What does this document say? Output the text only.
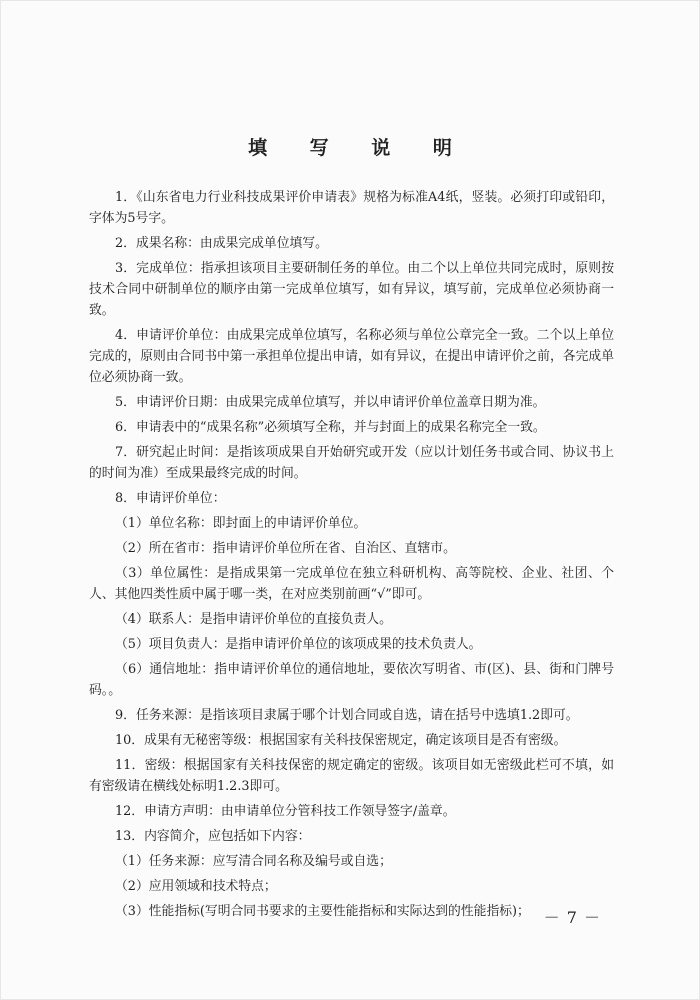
填 写 说 明

1．《山东省电力行业科技成果评价申请表》规格为标准A4纸，竖装。必须打印或铅印，字体为5号字。

2．成果名称：由成果完成单位填写。

3．完成单位：指承担该项目主要研制任务的单位。由二个以上单位共同完成时，原则按技术合同中研制单位的顺序由第一完成单位填写，如有异议，填写前，完成单位必须协商一致。

4．申请评价单位：由成果完成单位填写，名称必须与单位公章完全一致。二个以上单位完成的，原则由合同书中第一承担单位提出申请，如有异议，在提出申请评价之前，各完成单位必须协商一致。

5．申请评价日期：由成果完成单位填写，并以申请评价单位盖章日期为准。

6．申请表中的“成果名称”必须填写全称，并与封面上的成果名称完全一致。

7．研究起止时间：是指该项成果自开始研究或开发（应以计划任务书或合同、协议书上的时间为准）至成果最终完成的时间。

8．申请评价单位：

（1）单位名称：即封面上的申请评价单位。

（2）所在省市：指申请评价单位所在省、自治区、直辖市。

（3）单位属性：是指成果第一完成单位在独立科研机构、高等院校、企业、社团、个人、其他四类性质中属于哪一类，在对应类别前画“√”即可。

（4）联系人：是指申请评价单位的直接负责人。

（5）项目负责人：是指申请评价单位的该项成果的技术负责人。

（6）通信地址：指申请评价单位的通信地址，要依次写明省、市(区)、县、街和门牌号码。。

9．任务来源：是指该项目隶属于哪个计划合同或自选，请在括号中选填1.2即可。

10．成果有无秘密等级：根据国家有关科技保密规定，确定该项目是否有密级。

11．密级：根据国家有关科技保密的规定确定的密级。该项目如无密级此栏可不填，如有密级请在横线处标明1.2.3即可。

12．申请方声明：由申请单位分管科技工作领导签字/盖章。

13．内容简介，应包括如下内容：

（1）任务来源：应写清合同名称及编号或自选；

（2）应用领域和技术特点；

（3）性能指标(写明合同书要求的主要性能指标和实际达到的性能指标)； － 7 －
